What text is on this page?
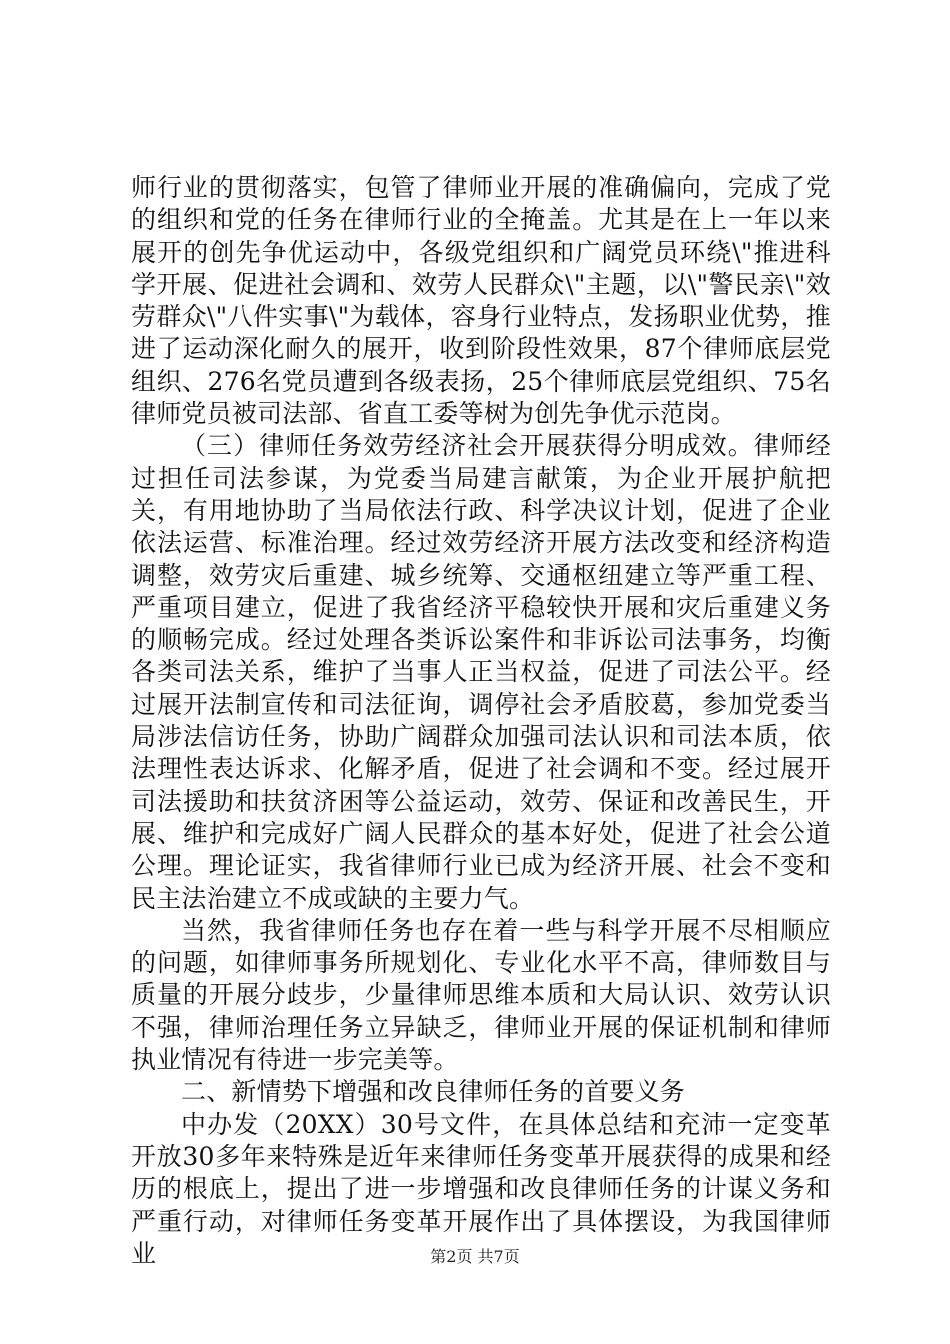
师行业的贯彻落实，包管了律师业开展的准确偏向，完成了党的组织和党的任务在律师行业的全掩盖。尤其是在上一年以来展开的创先争优运动中，各级党组织和广阔党员环绕\"推进科学开展、促进社会调和、效劳人民群众\"主题，以\"警民亲\"效劳群众\"八件实事\"为载体，容身行业特点，发扬职业优势，推进了运动深化耐久的展开，收到阶段性效果，87个律师底层党组织、276名党员遭到各级表扬，25个律师底层党组织、75名律师党员被司法部、省直工委等树为创先争优示范岗。

（三）律师任务效劳经济社会开展获得分明成效。律师经过担任司法参谋，为党委当局建言献策，为企业开展护航把关，有用地协助了当局依法行政、科学决议计划，促进了企业依法运营、标准治理。经过效劳经济开展方法改变和经济构造调整，效劳灾后重建、城乡统筹、交通枢纽建立等严重工程、严重项目建立，促进了我省经济平稳较快开展和灾后重建义务的顺畅完成。经过处理各类诉讼案件和非诉讼司法事务，均衡各类司法关系，维护了当事人正当权益，促进了司法公平。经过展开法制宣传和司法征询，调停社会矛盾胶葛，参加党委当局涉法信访任务，协助广阔群众加强司法认识和司法本质，依法理性表达诉求、化解矛盾，促进了社会调和不变。经过展开司法援助和扶贫济困等公益运动，效劳、保证和改善民生，开展、维护和完成好广阔人民群众的基本好处，促进了社会公道公理。理论证实，我省律师行业已成为经济开展、社会不变和民主法治建立不成或缺的主要力气。

当然，我省律师任务也存在着一些与科学开展不尽相顺应的问题，如律师事务所规划化、专业化水平不高，律师数目与质量的开展分歧步，少量律师思维本质和大局认识、效劳认识不强，律师治理任务立异缺乏，律师业开展的保证机制和律师执业情况有待进一步完美等。

二、新情势下增强和改良律师任务的首要义务

中办发（20XX）30号文件，在具体总结和充沛一定变革开放30多年来特殊是近年来律师任务变革开展获得的成果和经历的根底上，提出了进一步增强和改良律师任务的计谋义务和严重行动，对律师任务变革开展作出了具体摆设，为我国律师业	第2页 共7页
